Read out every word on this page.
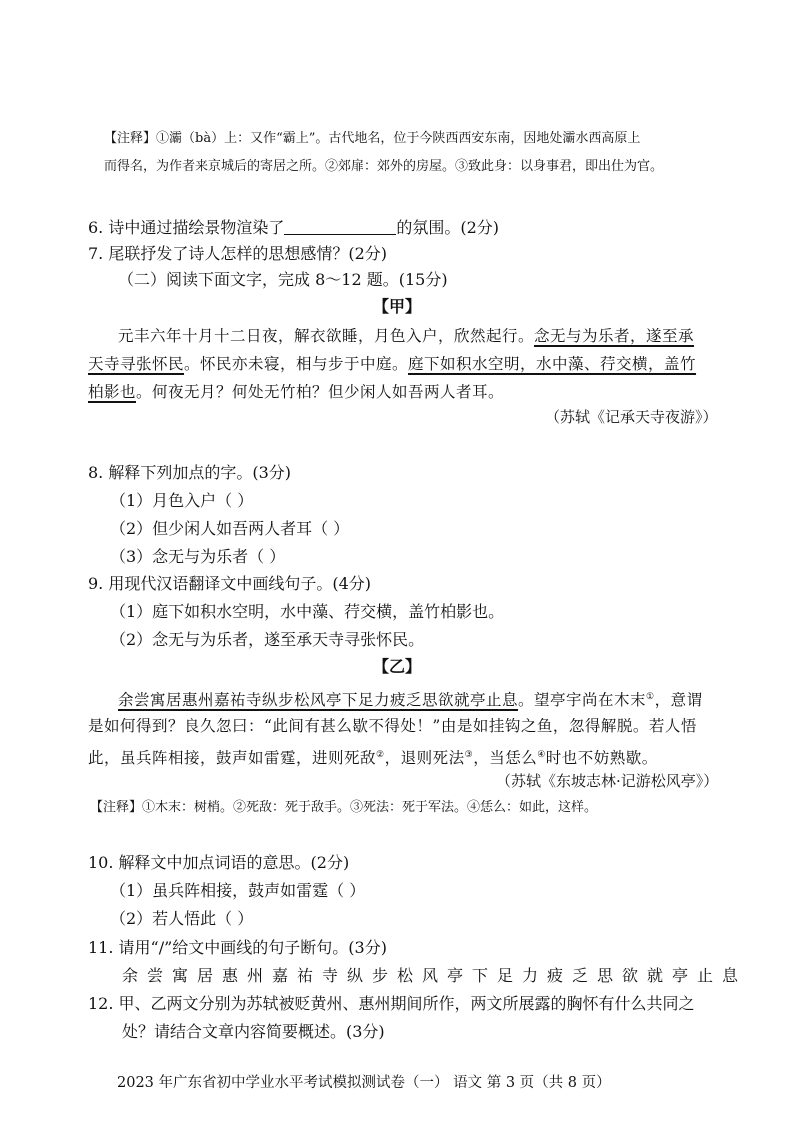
【注释】①灞（bà）上：又作“霸上”。古代地名，位于今陕西西安东南，因地处灞水西高原上
而得名，为作者来京城后的寄居之所。②郊扉：郊外的房屋。③致此身：以身事君，即出仕为官。
6. 诗中通过描绘景物渲染了	的氛围。(2分)
7. 尾联抒发了诗人怎样的思想感情？(2分)
（二）阅读下面文字，完成 8～12 题。(15分)
【甲】
元丰六年十月十二日夜，解衣欲睡，月色入户，欣然起行。念无与为乐者，遂至承
天寺寻张怀民。怀民亦未寝，相与步于中庭。庭下如积水空明，水中藻、荇交横，盖竹
柏影也。何夜无月？何处无竹柏？但少闲人如吾两人者耳。
（苏轼《记承天寺夜游》）
8. 解释下列加点的字。(3分)
（1）月色入户（ ）
（2）但少闲人如吾两人者耳（ ）
（3）念无与为乐者（ ）
9. 用现代汉语翻译文中画线句子。(4分)
（1）庭下如积水空明，水中藻、荇交横，盖竹柏影也。
（2）念无与为乐者，遂至承天寺寻张怀民。
【乙】
余尝寓居惠州嘉祐寺纵步松风亭下足力疲乏思欲就亭止息。望亭宇尚在木末①，意谓
是如何得到？良久忽曰：“此间有甚么歇不得处！”由是如挂钩之鱼，忽得解脱。若人悟
此，虽兵阵相接，鼓声如雷霆，进则死敌②，退则死法③，当恁么④时也不妨熟歇。
（苏轼《东坡志林·记游松风亭》）
【注释】①木末：树梢。②死敌：死于敌手。③死法：死于军法。④恁么：如此，这样。
10. 解释文中加点词语的意思。(2分)
（1）虽兵阵相接，鼓声如雷霆（ ）
（2）若人悟此（ ）
11. 请用“/”给文中画线的句子断句。(3分)
余尝寓居惠州嘉祐寺纵步松风亭下足力疲乏思欲就亭止息
12. 甲、乙两文分别为苏轼被贬黄州、惠州期间所作，两文所展露的胸怀有什么共同之
处？请结合文章内容简要概述。(3分)
2023 年广东省初中学业水平考试模拟测试卷（一） 语文 第 3 页（共 8 页）
